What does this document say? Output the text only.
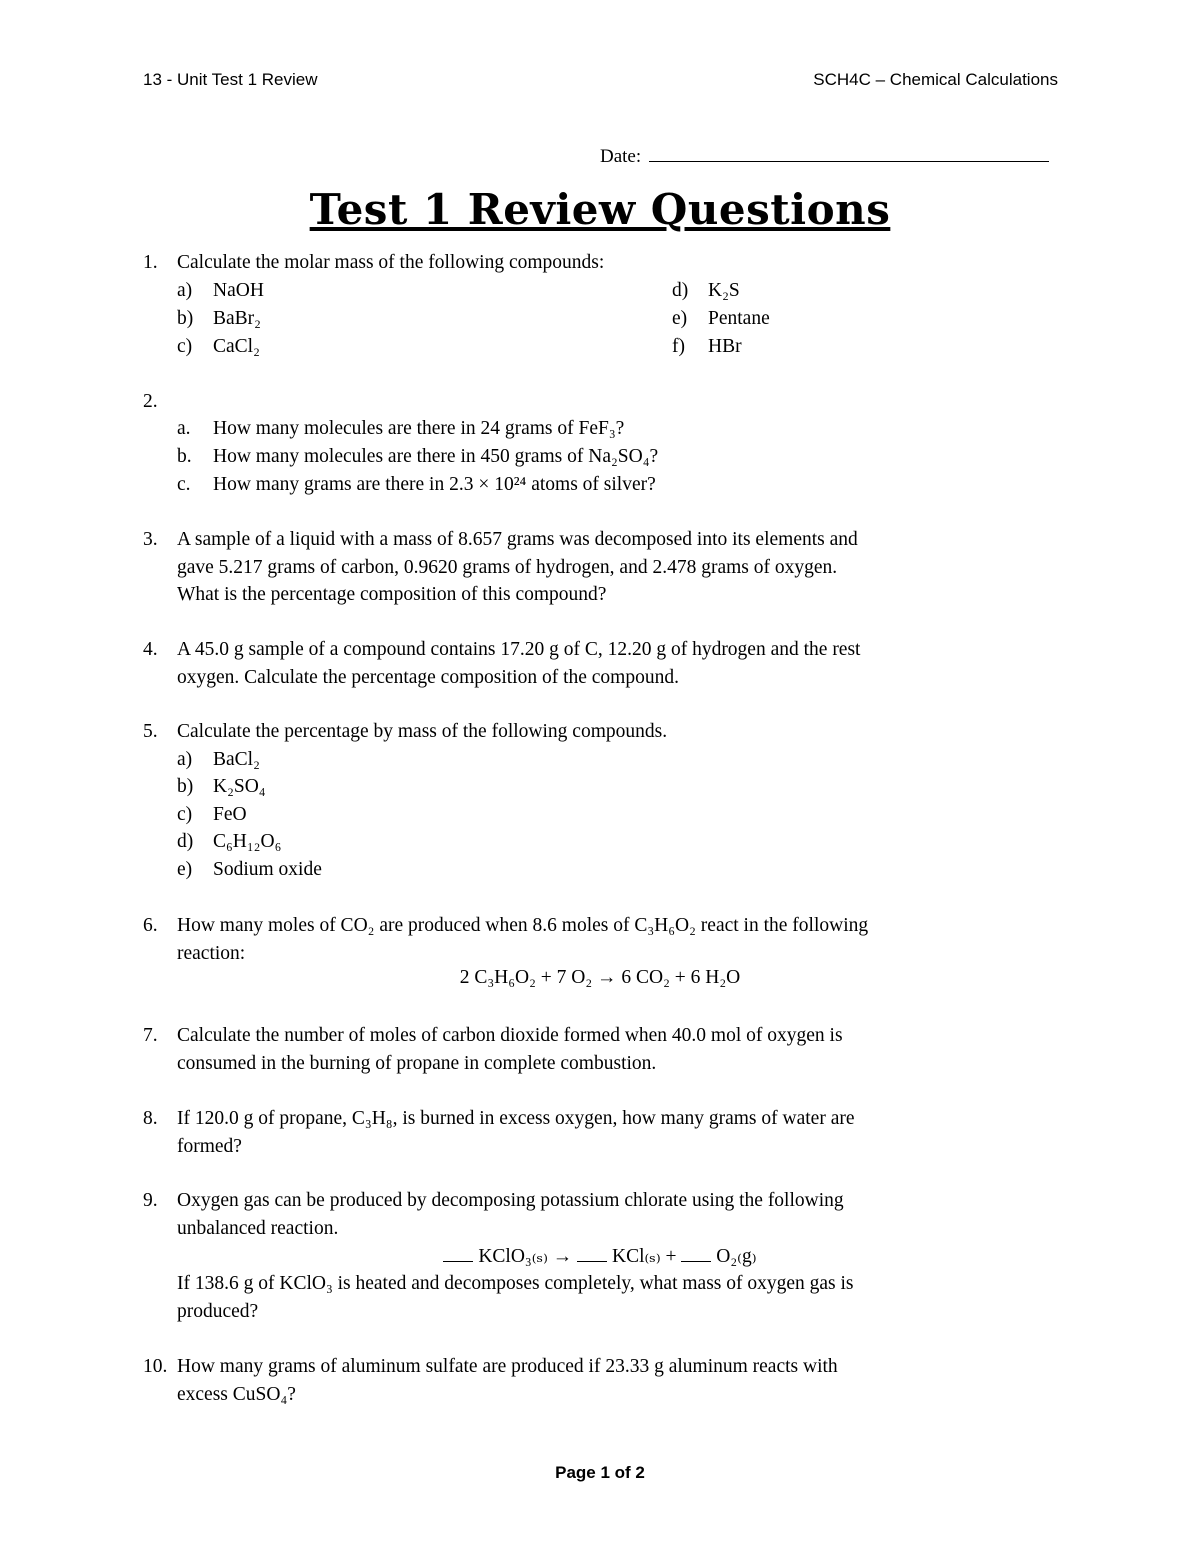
13 - Unit Test 1 Review	SCH4C – Chemical Calculations
Date:
Test 1 Review Questions
1. Calculate the molar mass of the following compounds:
a) NaOH
b) BaBr₂
c) CaCl₂
d) K₂S
e) Pentane
f) HBr
2.
a. How many molecules are there in 24 grams of FeF₃?
b. How many molecules are there in 450 grams of Na₂SO₄?
c. How many grams are there in 2.3 × 10²⁴ atoms of silver?
3. A sample of a liquid with a mass of 8.657 grams was decomposed into its elements and
gave 5.217 grams of carbon, 0.9620 grams of hydrogen, and 2.478 grams of oxygen.
What is the percentage composition of this compound?
4. A 45.0 g sample of a compound contains 17.20 g of C, 12.20 g of hydrogen and the rest
oxygen. Calculate the percentage composition of the compound.
5. Calculate the percentage by mass of the following compounds.
a) BaCl₂
b) K₂SO₄
c) FeO
d) C₆H₁₂O₆
e) Sodium oxide
6. How many moles of CO₂ are produced when 8.6 moles of C₃H₆O₂ react in the following
reaction:
2 C₃H₆O₂ + 7 O₂ → 6 CO₂ + 6 H₂O
7. Calculate the number of moles of carbon dioxide formed when 40.0 mol of oxygen is
consumed in the burning of propane in complete combustion.
8. If 120.0 g of propane, C₃H₈, is burned in excess oxygen, how many grams of water are
formed?
9. Oxygen gas can be produced by decomposing potassium chlorate using the following
unbalanced reaction.
KClO₃₍ₛ₎ → KCl₍ₛ₎ + O₂₍g₎
If 138.6 g of KClO₃ is heated and decomposes completely, what mass of oxygen gas is
produced?
10. How many grams of aluminum sulfate are produced if 23.33 g aluminum reacts with
excess CuSO₄?
Page 1 of 2
